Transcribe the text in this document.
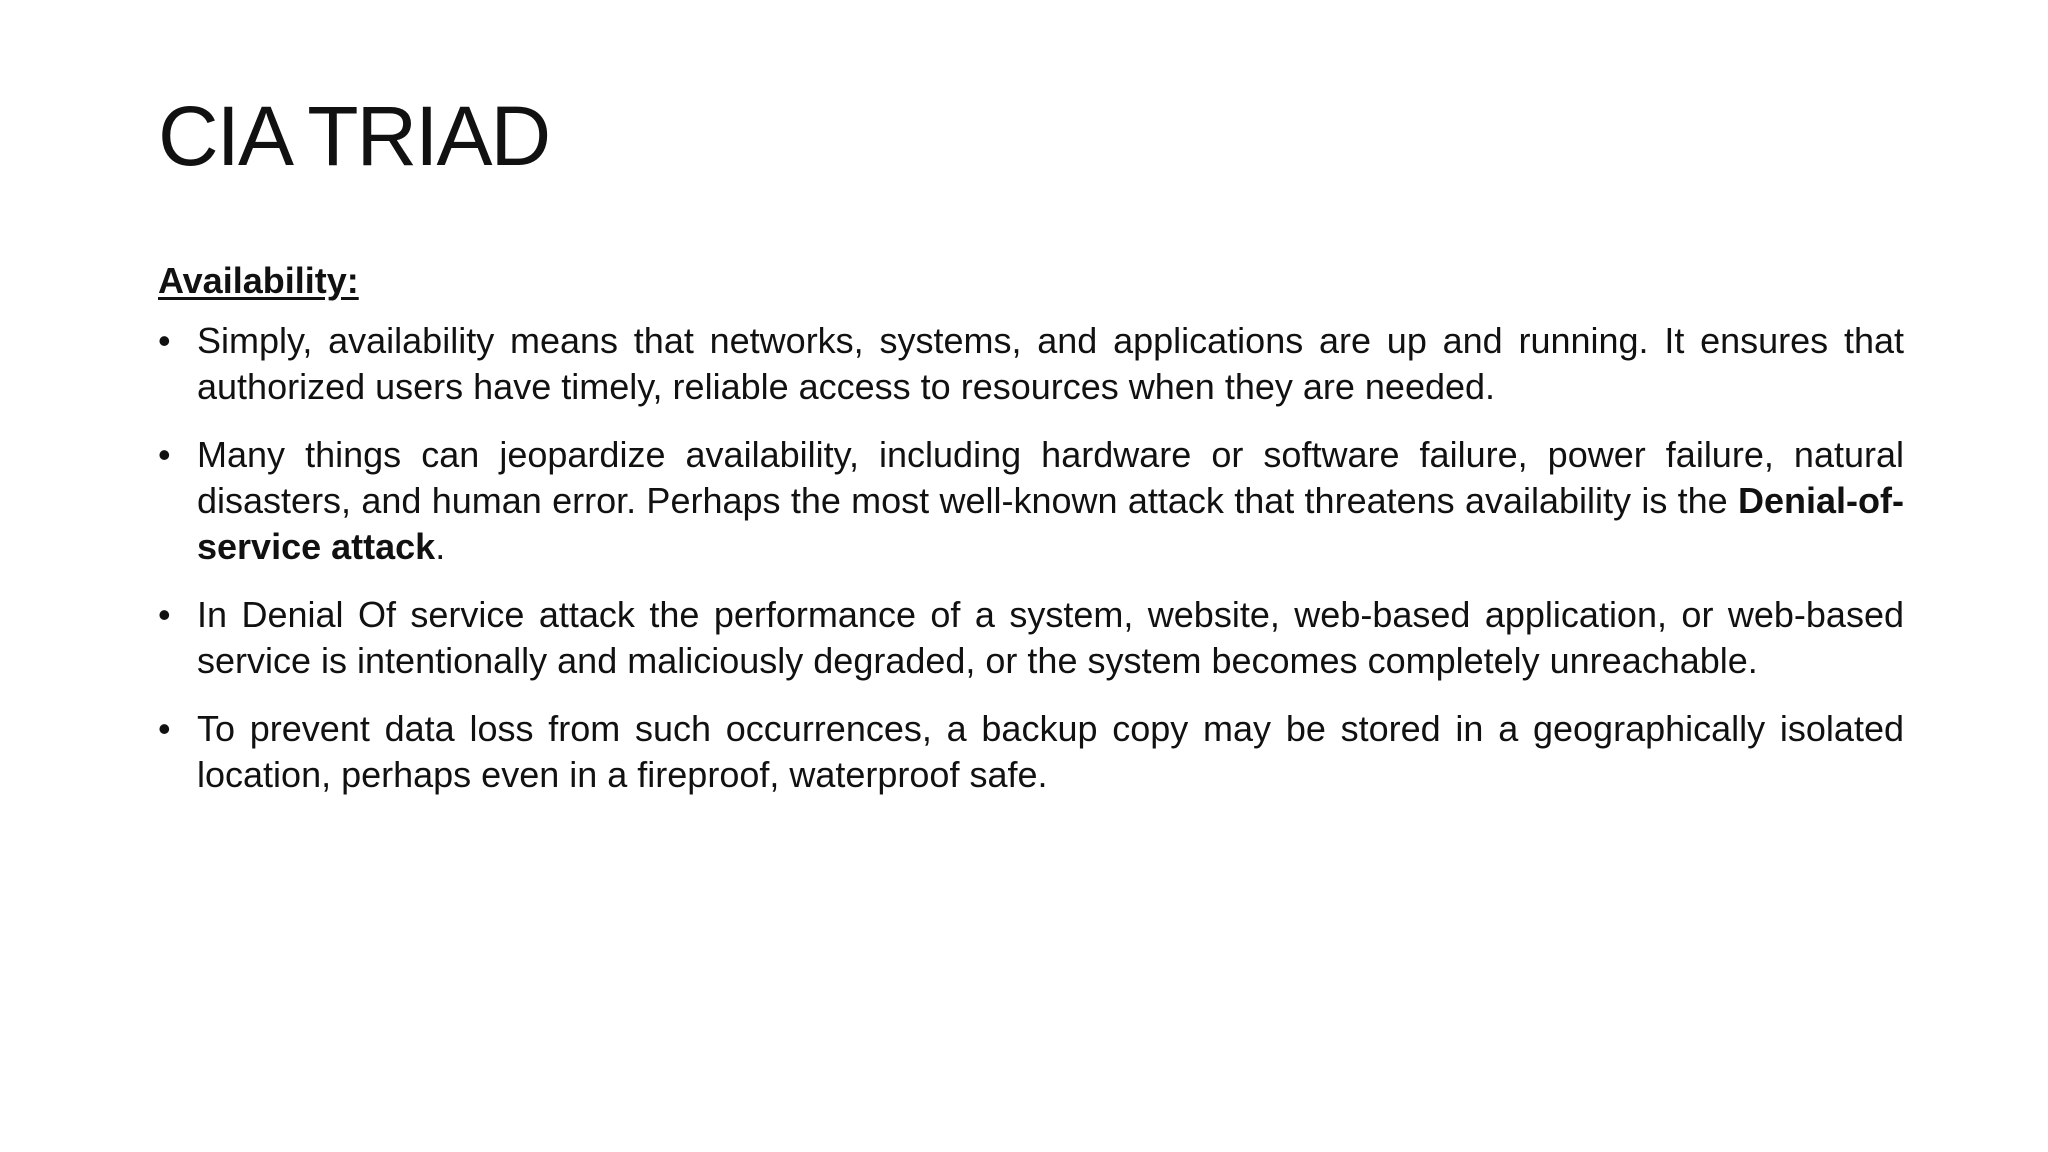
CIA TRIAD
Availability:
• Simply, availability means that networks, systems, and applications are up and running. It ensures that authorized users have timely, reliable access to resources when they are needed.
• Many things can jeopardize availability, including hardware or software failure, power failure, natural disasters, and human error. Perhaps the most well-known attack that threatens availability is the Denial-of-service attack.
• In Denial Of service attack the performance of a system, website, web-based application, or web-based service is intentionally and maliciously degraded, or the system becomes completely unreachable.
• To prevent data loss from such occurrences, a backup copy may be stored in a geographically isolated location, perhaps even in a fireproof, waterproof safe.
